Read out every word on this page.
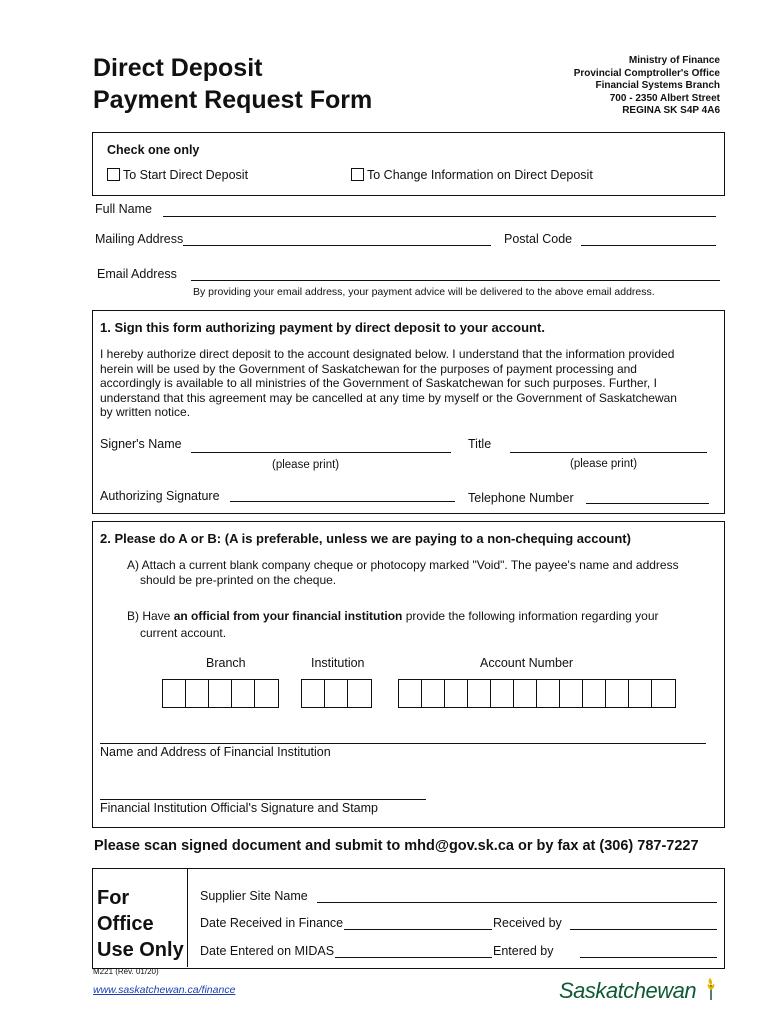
Direct Deposit
Payment Request Form
Ministry of Finance
Provincial Comptroller's Office
Financial Systems Branch
700 - 2350 Albert Street
REGINA SK S4P 4A6
Check one only
To Start Direct Deposit	To Change Information on Direct Deposit
Full Name
Mailing Address	Postal Code
Email Address
By providing your email address, your payment advice will be delivered to the above email address.
1. Sign this form authorizing payment by direct deposit to your account.
I hereby authorize direct deposit to the account designated below. I understand that the information provided
herein will be used by the Government of Saskatchewan for the purposes of payment processing and
accordingly is available to all ministries of the Government of Saskatchewan for such purposes. Further, I
understand that this agreement may be cancelled at any time by myself or the Government of Saskatchewan
by written notice.
Signer's Name	Title
(please print)	(please print)
Authorizing Signature	Telephone Number
2. Please do A or B: (A is preferable, unless we are paying to a non-chequing account)
A) Attach a current blank company cheque or photocopy marked "Void". The payee's name and address
should be pre-printed on the cheque.
B) Have an official from your financial institution provide the following information regarding your
current account.
Branch	Institution	Account Number
Name and Address of Financial Institution
Financial Institution Official's Signature and Stamp
Please scan signed document and submit to mhd@gov.sk.ca or by fax at (306) 787-7227
For
Office
Use Only
Supplier Site Name
Date Received in Finance	Received by
Date Entered on MIDAS	Entered by
M221 (Rev. 01/20)
www.saskatchewan.ca/finance	Saskatchewan
